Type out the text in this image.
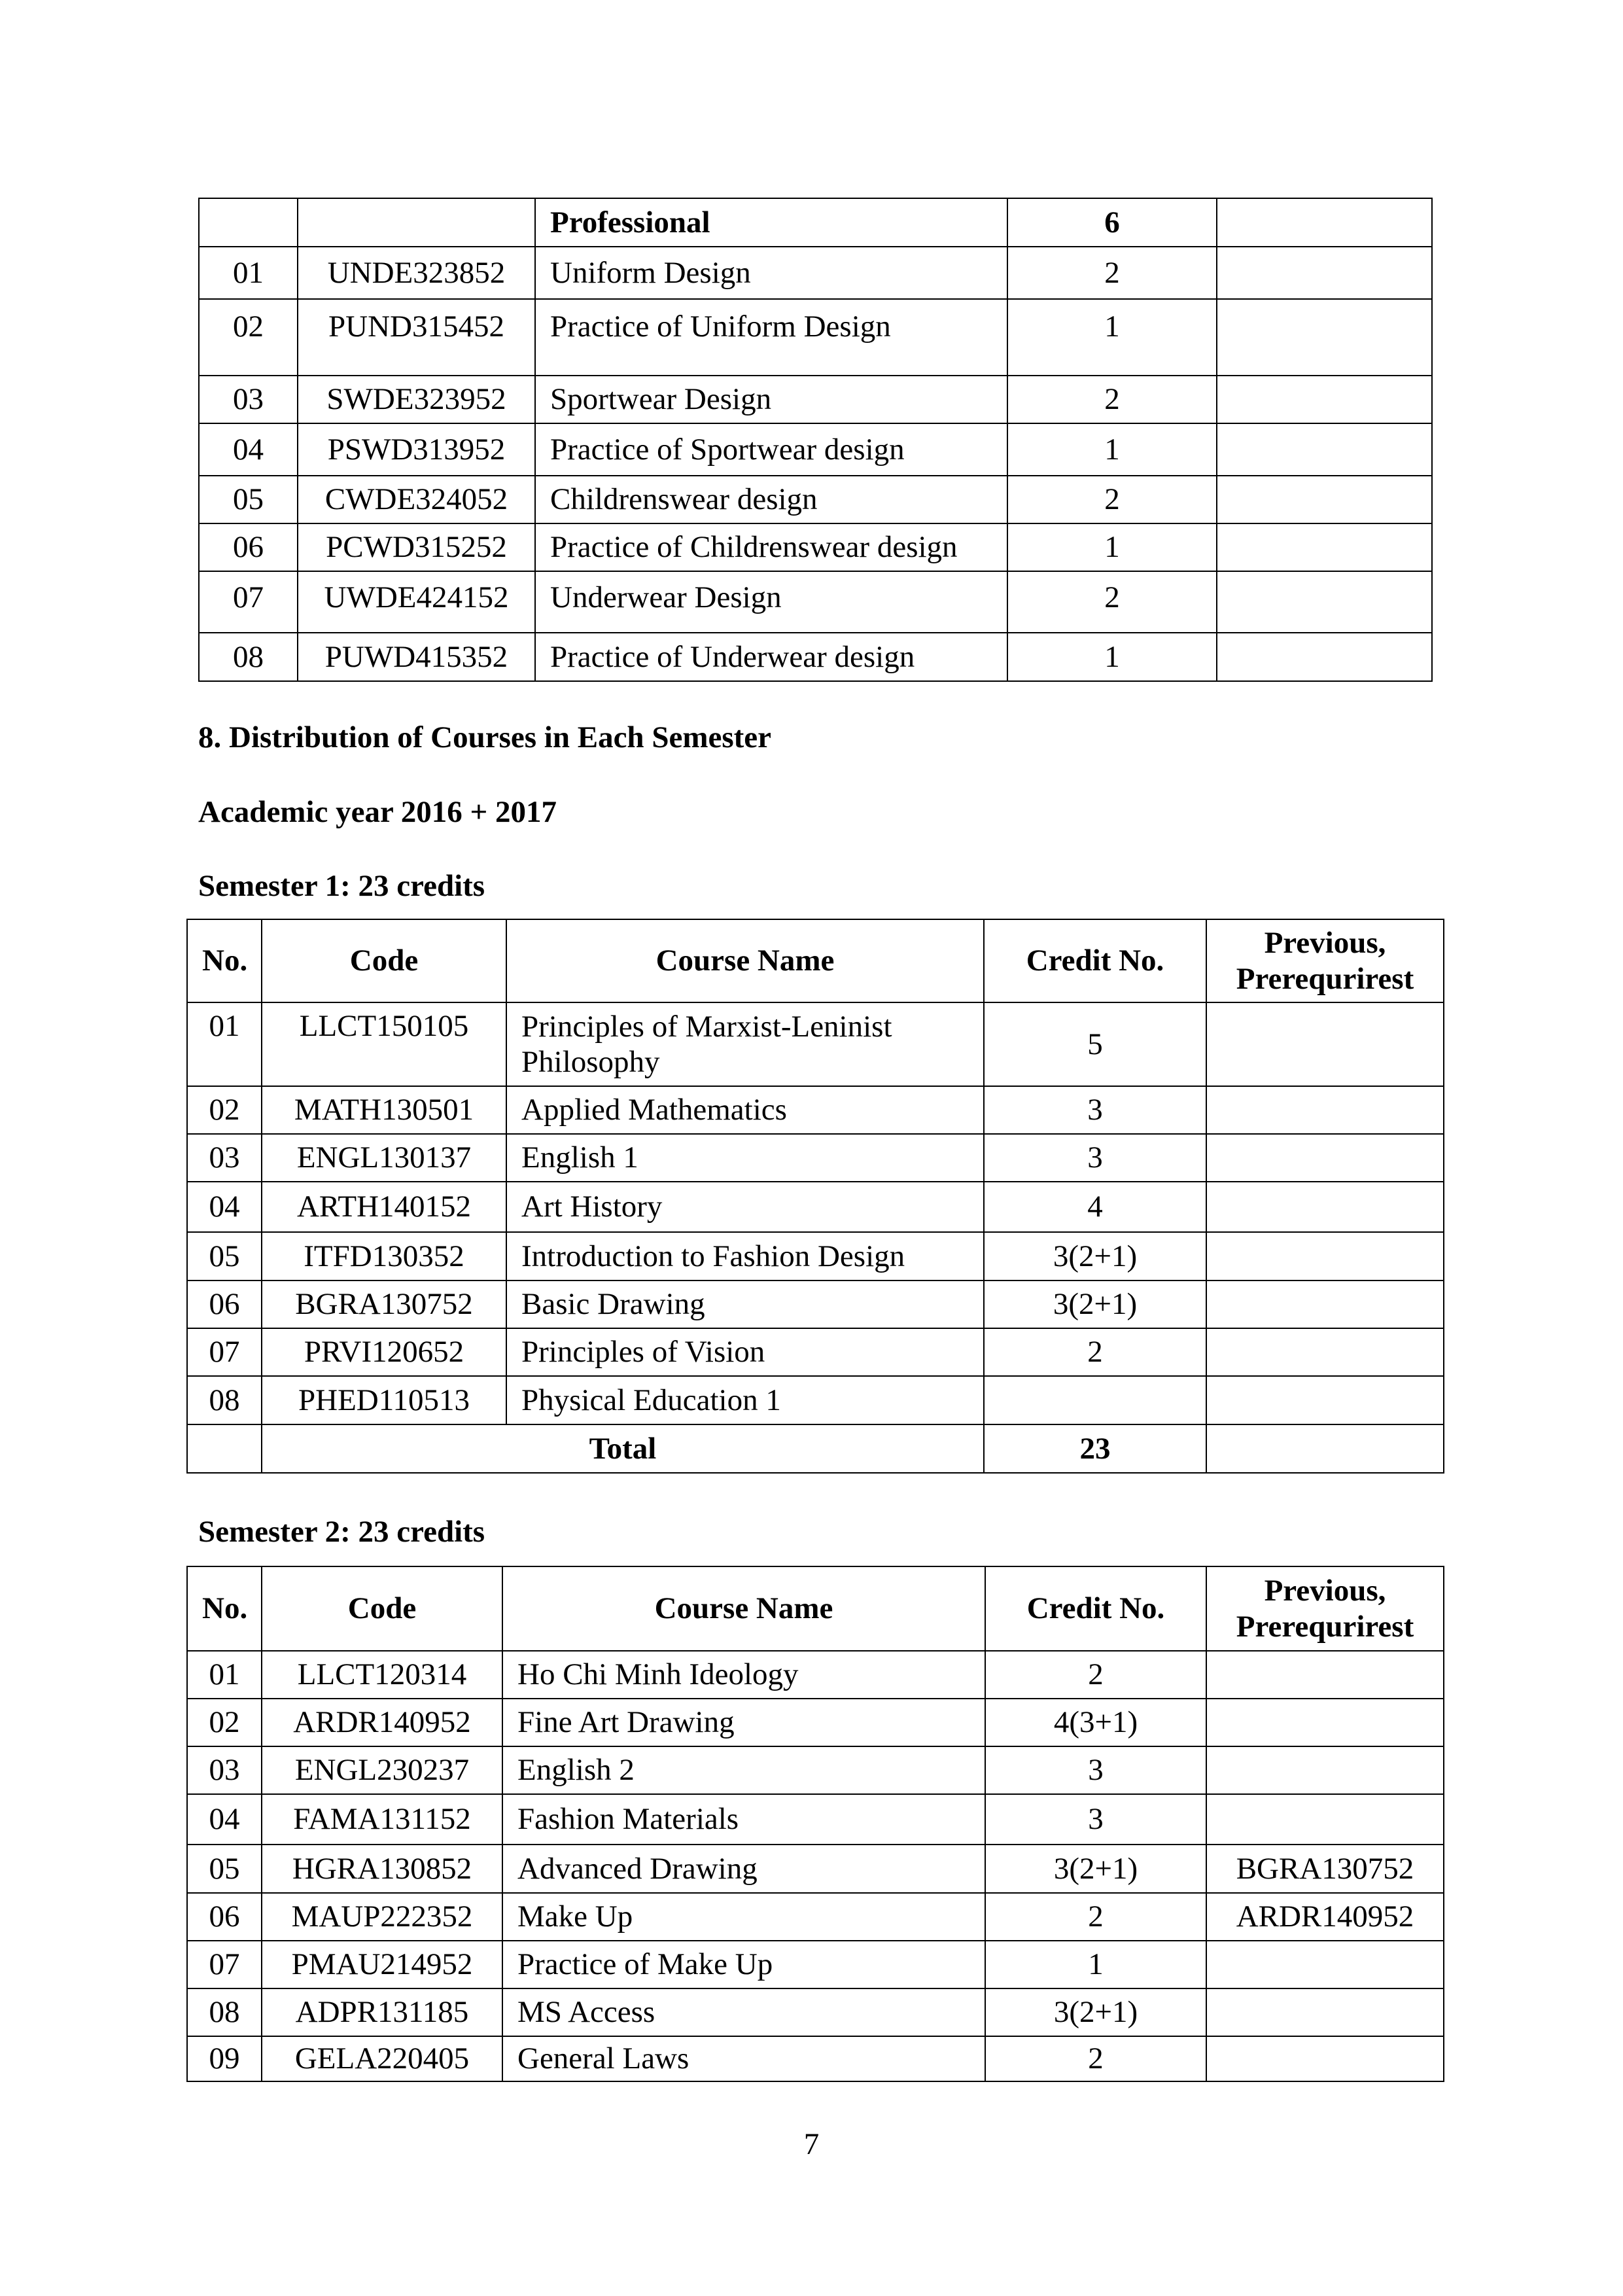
		Professional	6	
01	UNDE323852	Uniform Design	2	
02	PUND315452	Practice of Uniform Design	1	
03	SWDE323952	Sportwear Design	2	
04	PSWD313952	Practice of Sportwear design	1	
05	CWDE324052	Childrenswear design	2	
06	PCWD315252	Practice of Childrenswear design	1	
07	UWDE424152	Underwear Design	2	
08	PUWD415352	Practice of Underwear design	1	
8. Distribution of Courses in Each Semester
Academic year 2016 + 2017
Semester 1: 23 credits
No.	Code	Course Name	Credit No.	Previous,
Prerequrirest
01	LLCT150105	Principles of Marxist-Leninist Philosophy	5	
02	MATH130501	Applied Mathematics	3	
03	ENGL130137	English 1	3	
04	ARTH140152	Art History	4	
05	ITFD130352	Introduction to Fashion Design	3(2+1)	
06	BGRA130752	Basic Drawing	3(2+1)	
07	PRVI120652	Principles of Vision	2	
08	PHED110513	Physical Education 1		
	Total		23	
Semester 2: 23 credits
No.	Code	Course Name	Credit No.	Previous,
Prerequrirest
01	LLCT120314	Ho Chi Minh Ideology	2	
02	ARDR140952	Fine Art Drawing	4(3+1)	
03	ENGL230237	English 2	3	
04	FAMA131152	Fashion Materials	3	
05	HGRA130852	Advanced Drawing	3(2+1)	BGRA130752
06	MAUP222352	Make Up	2	ARDR140952
07	PMAU214952	Practice of Make Up	1	
08	ADPR131185	MS Access	3(2+1)	
09	GELA220405	General Laws	2	
7
